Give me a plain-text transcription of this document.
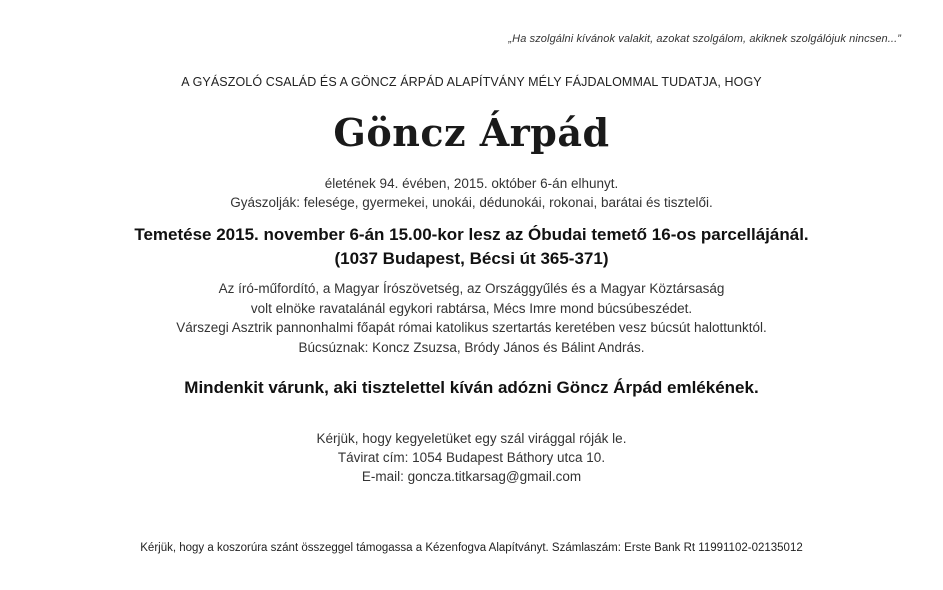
„Ha szolgálni kívánok valakit, azokat szolgálom, akiknek szolgálójuk nincsen...”
A GYÁSZOLÓ CSALÁD ÉS A GÖNCZ ÁRPÁD ALAPÍTVÁNY MÉLY FÁJDALOMMAL TUDATJA, HOGY
Göncz Árpád
életének 94. évében, 2015. október 6-án elhunyt.
Gyászolják: felesége, gyermekei, unokái, dédunokái, rokonai, barátai és tisztelői.
Temetése 2015. november 6-án 15.00-kor lesz az Óbudai temető 16-os parcellájánál.
(1037 Budapest, Bécsi út 365-371)
Az író-műfordító, a Magyar Írószövetség, az Országgyűlés és a Magyar Köztársaság
volt elnöke ravatalánál egykori rabtársa, Mécs Imre mond búcsúbeszédet.
Várszegi Asztrik pannonhalmi főapát római katolikus szertartás keretében vesz búcsút halottunktól.
Búcsúznak: Koncz Zsuzsa, Bródy János és Bálint András.
Mindenkit várunk, aki tisztelettel kíván adózni Göncz Árpád emlékének.
Kérjük, hogy kegyeletüket egy szál virággal róják le.
Távirat cím: 1054 Budapest Báthory utca 10.
E-mail: goncza.titkarsag@gmail.com
Kérjük, hogy a koszorúra szánt összeggel támogassa a Kézenfogva Alapítványt. Számlaszám: Erste Bank Rt 11991102-02135012
